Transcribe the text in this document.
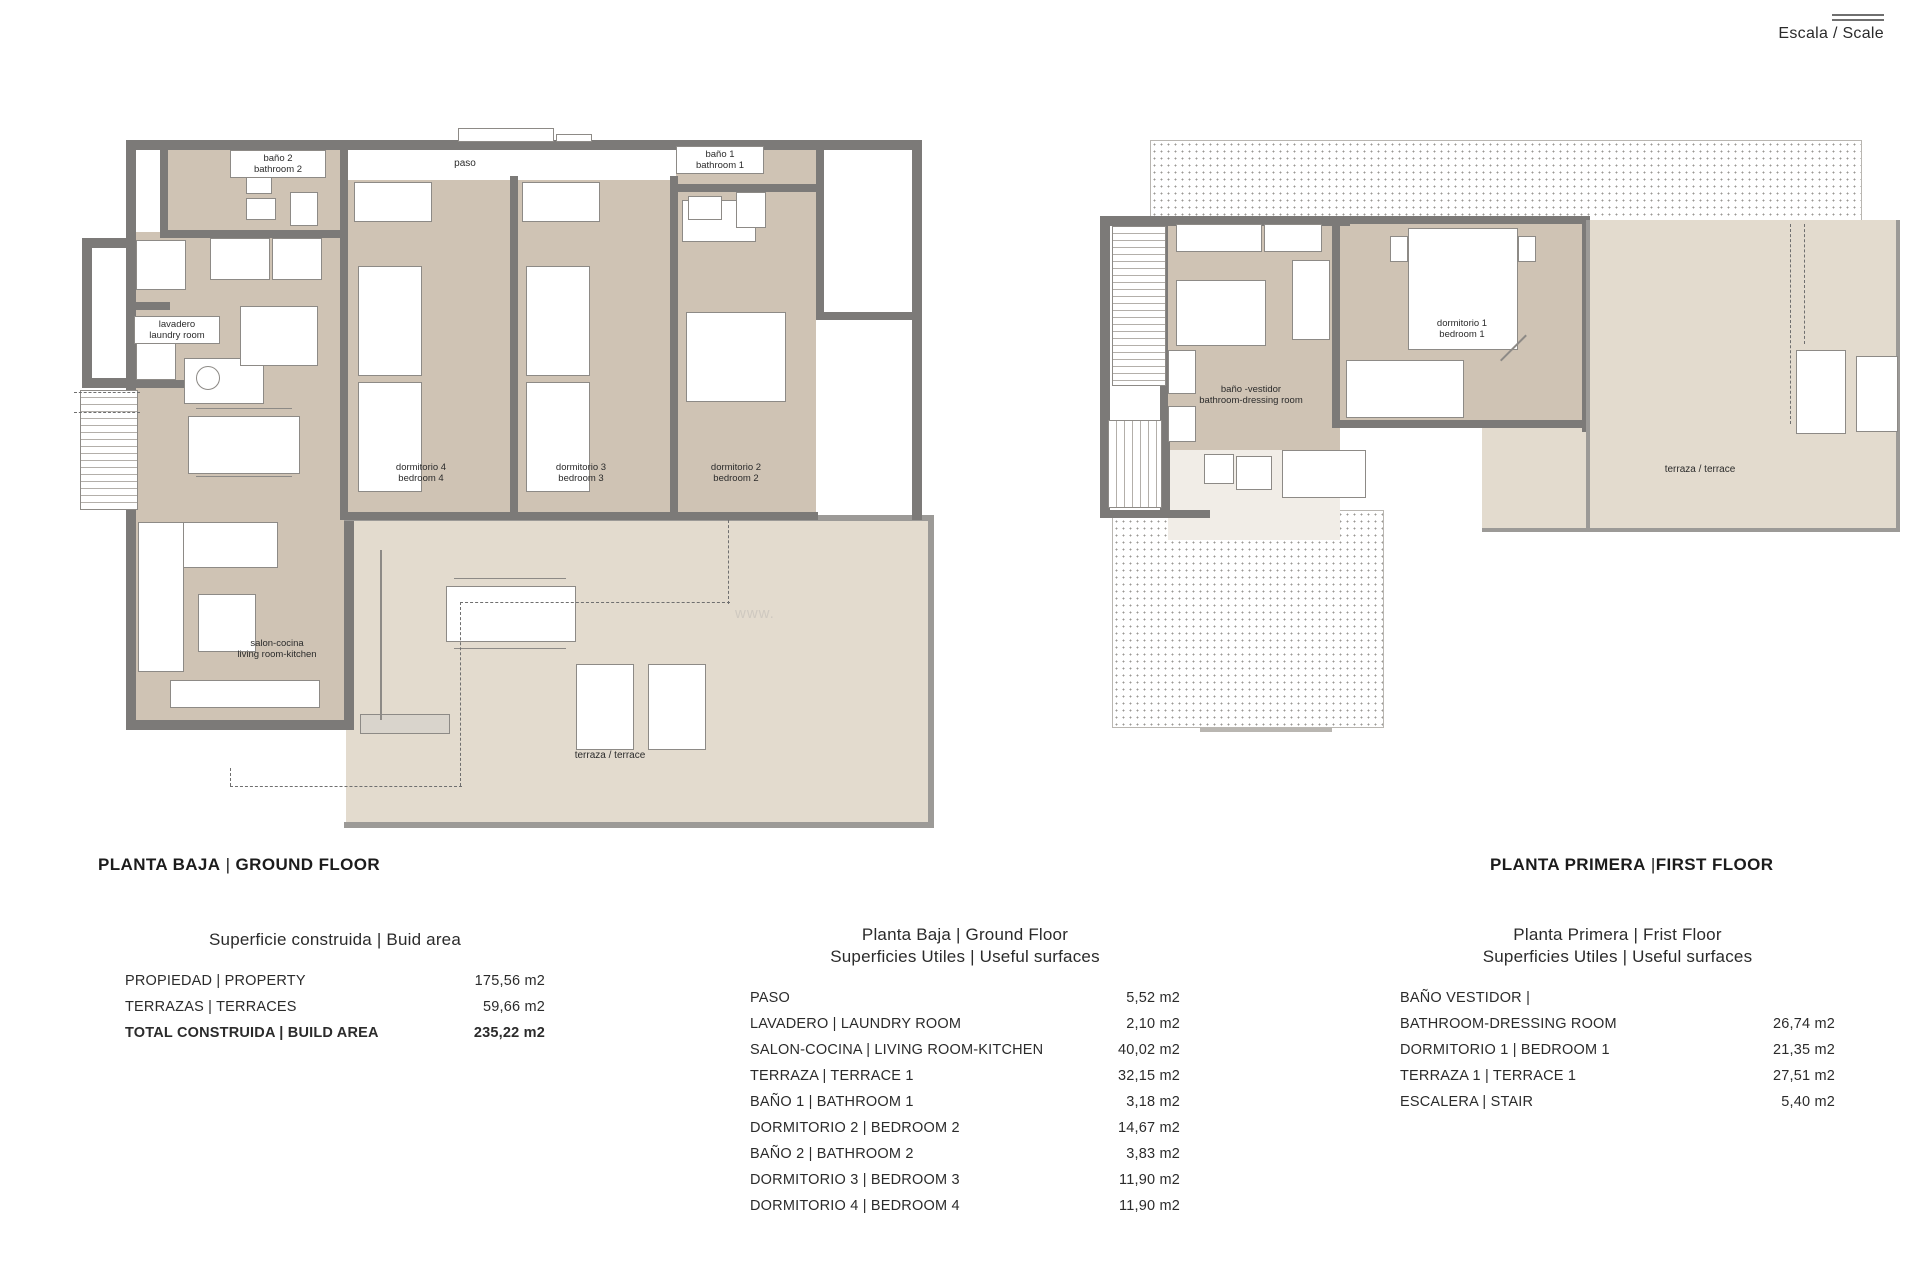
Escala / Scale
baño 2
bathroom 2
lavadero
laundry room
salon-cocina
living room-kitchen
paso
dormitorio 4
bedroom 4
dormitorio 3
bedroom 3
dormitorio 2
bedroom 2
baño 1
bathroom 1
terraza / terrace
PLANTA BAJA | GROUND FLOOR
dormitorio 1
bedroom 1
baño -vestidor
bathroom-dressing room
terraza / terrace
PLANTA PRIMERA |FIRST FLOOR
www.
Superficie construida | Buid area
PROPIEDAD | PROPERTY	175,56 m2
TERRAZAS | TERRACES	59,66 m2
TOTAL CONSTRUIDA | BUILD AREA	235,22 m2
Planta Baja | Ground Floor
Superficies Utiles | Useful surfaces
PASO	5,52 m2
LAVADERO | LAUNDRY ROOM	2,10 m2
SALON-COCINA | LIVING ROOM-KITCHEN	40,02 m2
TERRAZA | TERRACE 1	32,15 m2
BAÑO 1 | BATHROOM 1	3,18 m2
DORMITORIO 2 | BEDROOM 2	14,67 m2
BAÑO 2 | BATHROOM 2	3,83 m2
DORMITORIO 3 | BEDROOM 3	11,90 m2
DORMITORIO 4 | BEDROOM 4	11,90 m2
Planta Primera | Frist Floor
Superficies Utiles | Useful surfaces
BAÑO VESTIDOR |
BATHROOM-DRESSING ROOM	26,74 m2
DORMITORIO 1 | BEDROOM 1	21,35 m2
TERRAZA 1 | TERRACE 1	27,51 m2
ESCALERA | STAIR	5,40 m2
